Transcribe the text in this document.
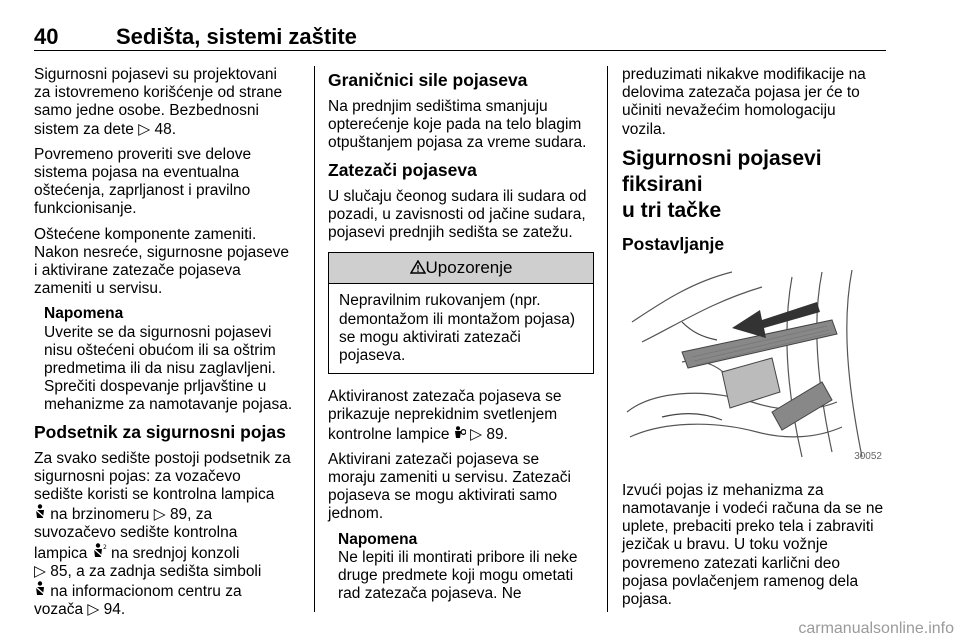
40	Sedišta, sistemi zaštite

Sigurnosni pojasevi su projektovani
za istovremeno korišćenje od strane
samo jedne osobe. Bezbednosni
sistem za dete ▷ 48.

Povremeno proveriti sve delove
sistema pojasa na eventualna
oštećenja, zaprljanost i pravilno
funkcionisanje.

Oštećene komponente zameniti.
Nakon nesreće, sigurnosne pojaseve
i aktivirane zatezače pojaseva
zameniti u servisu.

Napomena
Uverite se da sigurnosni pojasevi
nisu oštećeni obućom ili sa oštrim
predmetima ili da nisu zaglavljeni.
Sprečiti dospevanje prljavštine u
mehanizme za namotavanje pojasa.
Podsetnik za sigurnosni pojas

Za svako sedište postoji podsetnik za
sigurnosni pojas: za vozačevo
sedište koristi se kontrolna lampica
na brzinomeru ▷ 89, za
suvozačevo sedište kontrolna
lampica	2 na srednjoj konzoli
▷ 85, a za zadnja sedišta simboli
na informacionom centru za
vozača ▷ 94.

Graničnici sile pojaseva

Na prednjim sedištima smanjuju
opterećenje koje pada na telo blagim
otpuštanjem pojasa za vreme sudara.

Zatezači pojaseva

U slučaju čeonog sudara ili sudara od
pozadi, u zavisnosti od jačine sudara,
pojasevi prednjih sedišta se zatežu.

Upozorenje
Nepravilnim rukovanjem (npr.
demontažom ili montažom pojasa)
se mogu aktivirati zatezači
pojaseva.

Aktiviranost zatezača pojaseva se
prikazuje neprekidnim svetlenjem
kontrolne lampice  ▷ 89.

Aktivirani zatezači pojaseva se
moraju zameniti u servisu. Zatezači
pojaseva se mogu aktivirati samo
jednom.

Napomena
Ne lepiti ili montirati pribore ili neke
druge predmete koji mogu ometati
rad zatezača pojaseva. Ne

preduzimati nikakve modifikacije na
delovima zatezača pojasa jer će to
učiniti nevažećim homologaciju
vozila.

Sigurnosni pojasevi fiksirani
u tri tačke
Postavljanje
30052

Izvući pojas iz mehanizma za
namotavanje i vodeći računa da se ne
uplete, prebaciti preko tela i zabraviti
jezičak u bravu. U toku vožnje
povremeno zatezati karlični deo
pojasa povlačenjem ramenog dela
pojasa.

carmanualsonline.info
